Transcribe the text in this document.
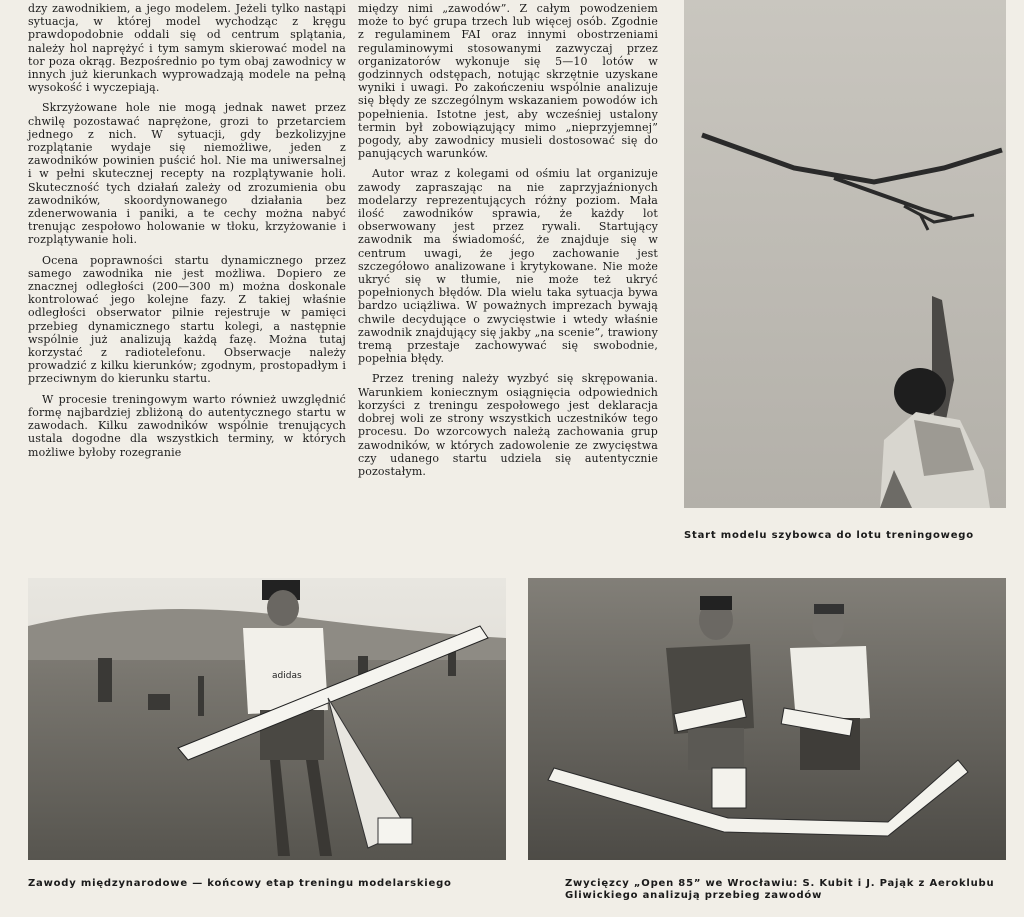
dzy zawodnikiem, a jego modelem. Jeżeli tylko nastąpi sytuacja, w której model wychodząc z kręgu prawdopodobnie oddali się od centrum splątania, należy hol naprężyć i tym samym skierować model na tor poza okrąg. Bezpośrednio po tym obaj zawodnicy w innych już kierunkach wyprowadzają modele na pełną wysokość i wyczepiają.

Skrzyżowane hole nie mogą jednak nawet przez chwilę pozostawać naprężone, grozi to przetarciem jednego z nich. W sytuacji, gdy bezkolizyjne rozplątanie wydaje się niemożliwe, jeden z zawodników powinien puścić hol. Nie ma uniwersalnej i w pełni skutecznej recepty na rozplątywanie holi. Skuteczność tych działań zależy od zrozumienia obu zawodników, skoordynowanego działania bez zdenerwowania i paniki, a te cechy można nabyć trenując zespołowo holowanie w tłoku, krzyżowanie i rozplątywanie holi.

Ocena poprawności startu dynamicznego przez samego zawodnika nie jest możliwa. Dopiero ze znacznej odległości (200—300 m) można doskonale kontrolować jego kolejne fazy. Z takiej właśnie odległości obserwator pilnie rejestruje w pamięci przebieg dynamicznego startu kolegi, a następnie wspólnie już analizują każdą fazę. Można tutaj korzystać z radiotelefonu. Obserwacje należy prowadzić z kilku kierunków; zgodnym, prostopadłym i przeciwnym do kierunku startu.

W procesie treningowym warto również uwzględnić formę najbardziej zbliżoną do autentycznego startu w zawodach. Kilku zawodników wspólnie trenujących ustala dogodne dla wszystkich terminy, w których możliwe byłoby rozegranie

między nimi „zawodów”. Z całym powodzeniem może to być grupa trzech lub więcej osób. Zgodnie z regulaminem FAI oraz innymi obostrzeniami regulaminowymi stosowanymi zazwyczaj przez organizatorów wykonuje się 5—10 lotów w godzinnych odstępach, notując skrzętnie uzyskane wyniki i uwagi. Po zakończeniu wspólnie analizuje się błędy ze szczególnym wskazaniem powodów ich popełnienia. Istotne jest, aby wcześniej ustalony termin był zobowiązujący mimo „nieprzyjemnej” pogody, aby zawodnicy musieli dostosować się do panujących warunków.

Autor wraz z kolegami od ośmiu lat organizuje zawody zapraszając na nie zaprzyjaźnionych modelarzy reprezentujących różny poziom. Mała ilość zawodników sprawia, że każdy lot obserwowany jest przez rywali. Startujący zawodnik ma świadomość, że znajduje się w centrum uwagi, że jego zachowanie jest szczegółowo analizowane i krytykowane. Nie może ukryć się w tłumie, nie może też ukryć popełnionych błędów. Dla wielu taka sytuacja bywa bardzo uciążliwa. W poważnych imprezach bywają chwile decydujące o zwycięstwie i wtedy właśnie zawodnik znajdujący się jakby „na scenie”, trawiony tremą przestaje zachowywać się swobodnie, popełnia błędy.

Przez trening należy wyzbyć się skrępowania. Warunkiem koniecznym osiągnięcia odpowiednich korzyści z treningu zespołowego jest deklaracja dobrej woli ze strony wszystkich uczestników tego procesu. Do wzorcowych należą zachowania grup zawodników, w których zadowolenie ze zwycięstwa czy udanego startu udziela się autentycznie pozostałym.

Start modelu szybowca do lotu treningowego
adidas
Zawody międzynarodowe — końcowy etap treningu modelarskiego	Zwycięzcy „Open 85” we Wrocławiu: S. Kubit i J. Pająk z Aeroklubu Gliwickiego analizują przebieg zawodów
